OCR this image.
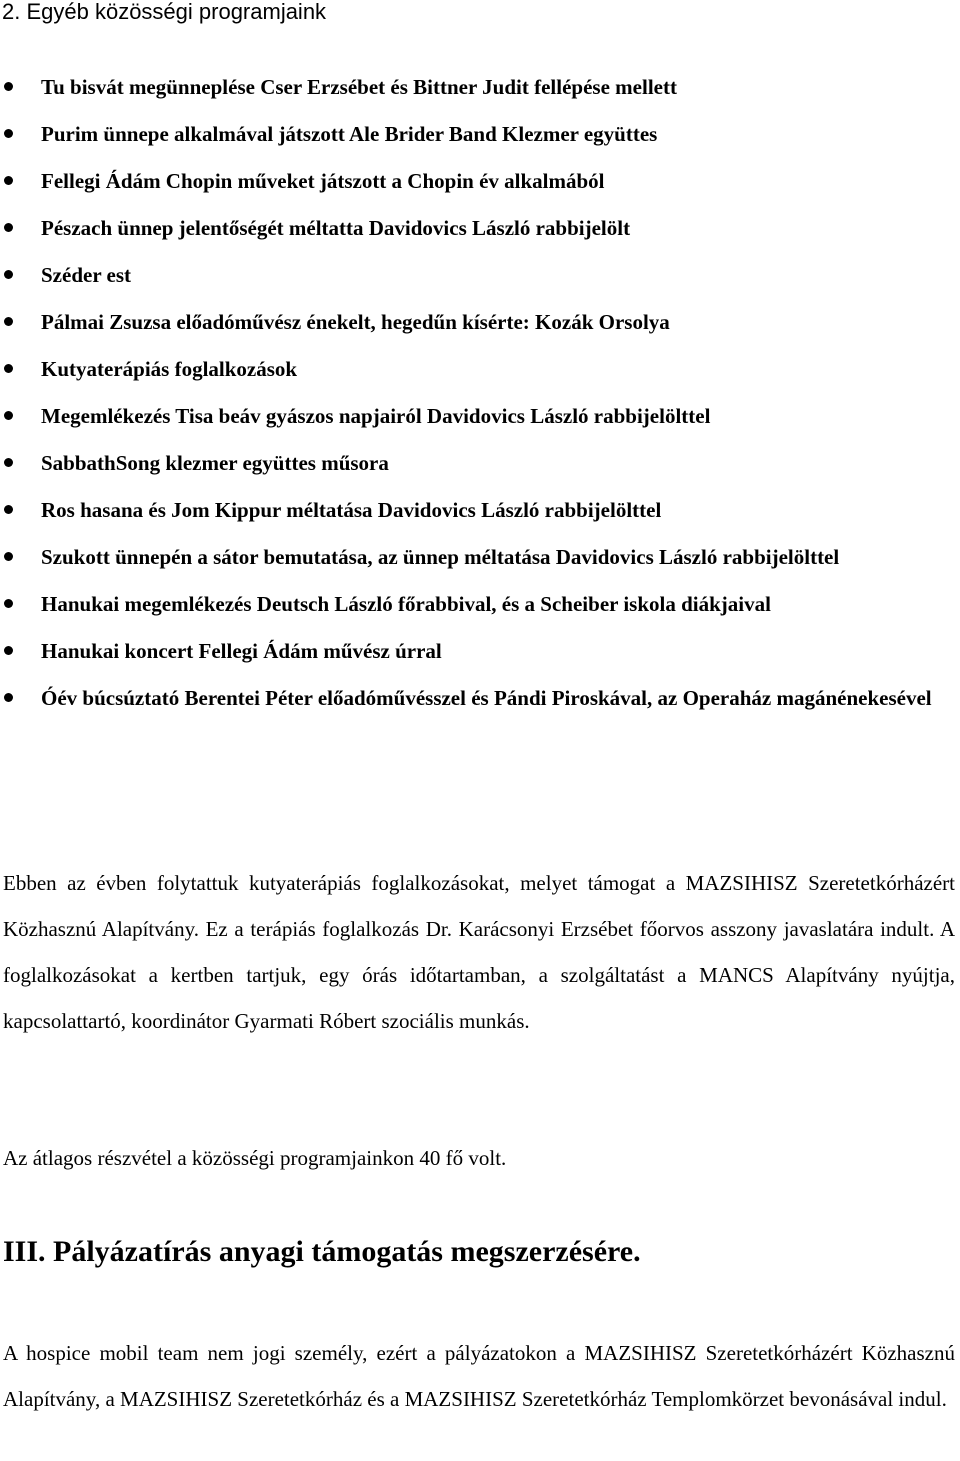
2. Egyéb közösségi programjaink
Tu bisvát megünneplése Cser Erzsébet és Bittner Judit fellépése mellett
Purim ünnepe alkalmával játszott Ale Brider Band Klezmer együttes
Fellegi Ádám Chopin műveket játszott a Chopin év alkalmából
Pészach ünnep jelentőségét méltatta Davidovics László rabbijelölt
Széder est
Pálmai Zsuzsa előadóművész énekelt, hegedűn kísérte: Kozák Orsolya
Kutyaterápiás foglalkozások
Megemlékezés Tisa beáv gyászos napjairól Davidovics László rabbijelölttel
SabbathSong klezmer együttes műsora
Ros hasana és Jom Kippur méltatása Davidovics László rabbijelölttel
Szukott ünnepén a sátor bemutatása, az ünnep méltatása Davidovics László rabbijelölttel
Hanukai megemlékezés Deutsch László főrabbival, és a Scheiber iskola diákjaival
Hanukai koncert Fellegi Ádám művész úrral
Óév búcsúztató Berentei Péter előadóművésszel és Pándi Piroskával, az Operaház magánénekesével

Ebben az évben folytattuk kutyaterápiás foglalkozásokat, melyet támogat a MAZSIHISZ Szeretetkórházért Közhasznú Alapítvány. Ez a terápiás foglalkozás Dr. Karácsonyi Erzsébet főorvos asszony javaslatára indult. A foglalkozásokat a kertben tartjuk, egy órás időtartamban, a szolgáltatást a MANCS Alapítvány nyújtja, kapcsolattartó, koordinátor Gyarmati Róbert szociális munkás.

Az átlagos részvétel a közösségi programjainkon 40 fő volt.

III. Pályázatírás anyagi támogatás megszerzésére.

A hospice mobil team nem jogi személy, ezért a pályázatokon a MAZSIHISZ Szeretetkórházért Közhasznú Alapítvány, a MAZSIHISZ Szeretetkórház és a MAZSIHISZ Szeretetkórház Templomkörzet bevonásával indul.
